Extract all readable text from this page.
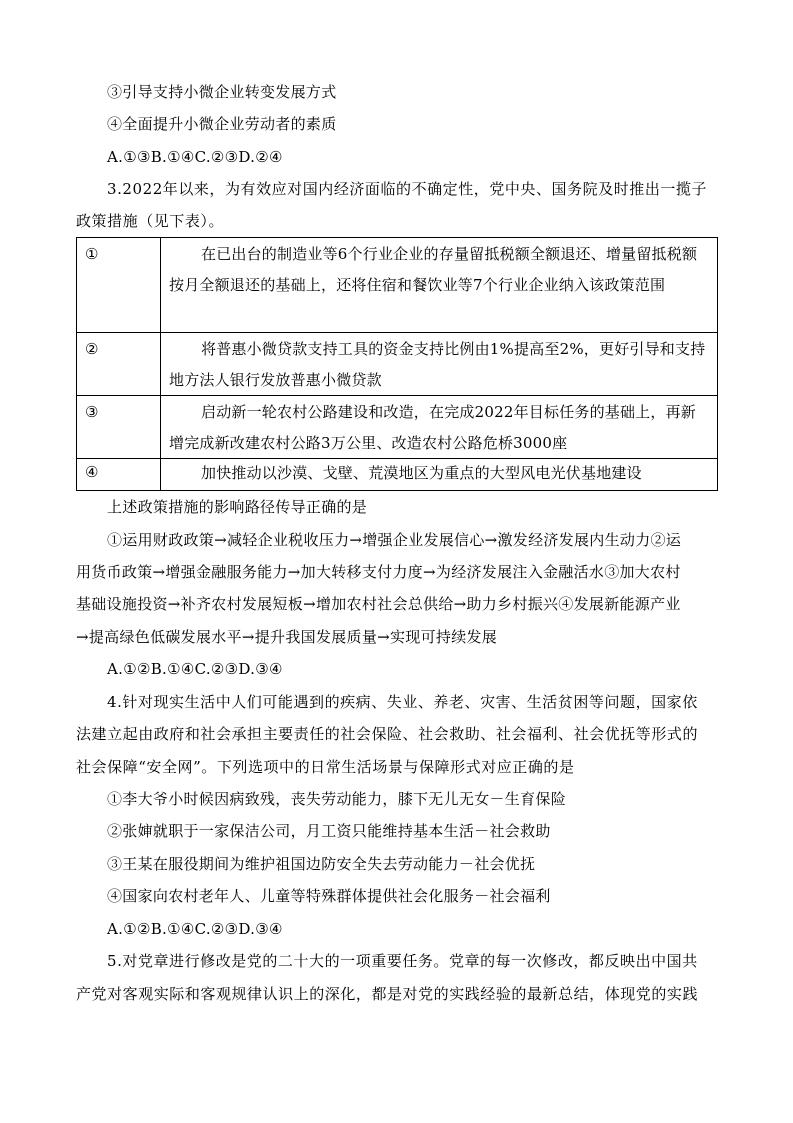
③引导支持小微企业转变发展方式
④全面提升小微企业劳动者的素质
A.①③B.①④C.②③D.②④
3.2022年以来，为有效应对国内经济面临的不确定性，党中央、国务院及时推出一揽子
政策措施（见下表）。
①	在已出台的制造业等6个行业企业的存量留抵税额全额退还、增量留抵税额按月全额退还的基础上，还将住宿和餐饮业等7个行业企业纳入该政策范围
②	将普惠小微贷款支持工具的资金支持比例由1%提高至2%，更好引导和支持地方法人银行发放普惠小微贷款
③	启动新一轮农村公路建设和改造，在完成2022年目标任务的基础上，再新增完成新改建农村公路3万公里、改造农村公路危桥3000座
④	加快推动以沙漠、戈壁、荒漠地区为重点的大型风电光伏基地建设
上述政策措施的影响路径传导正确的是
①运用财政政策→减轻企业税收压力→增强企业发展信心→激发经济发展内生动力②运
用货币政策→增强金融服务能力→加大转移支付力度→为经济发展注入金融活水③加大农村
基础设施投资→补齐农村发展短板→增加农村社会总供给→助力乡村振兴④发展新能源产业
→提高绿色低碳发展水平→提升我国发展质量→实现可持续发展
A.①②B.①④C.②③D.③④
4.针对现实生活中人们可能遇到的疾病、失业、养老、灾害、生活贫困等问题，国家依
法建立起由政府和社会承担主要责任的社会保险、社会救助、社会福利、社会优抚等形式的
社会保障“安全网”。下列选项中的日常生活场景与保障形式对应正确的是
①李大爷小时候因病致残，丧失劳动能力，膝下无儿无女－生育保险
②张婶就职于一家保洁公司，月工资只能维持基本生活－社会救助
③王某在服役期间为维护祖国边防安全失去劳动能力－社会优抚
④国家向农村老年人、儿童等特殊群体提供社会化服务－社会福利
A.①②B.①④C.②③D.③④
5.对党章进行修改是党的二十大的一项重要任务。党章的每一次修改，都反映出中国共
产党对客观实际和客观规律认识上的深化，都是对党的实践经验的最新总结，体现党的实践
